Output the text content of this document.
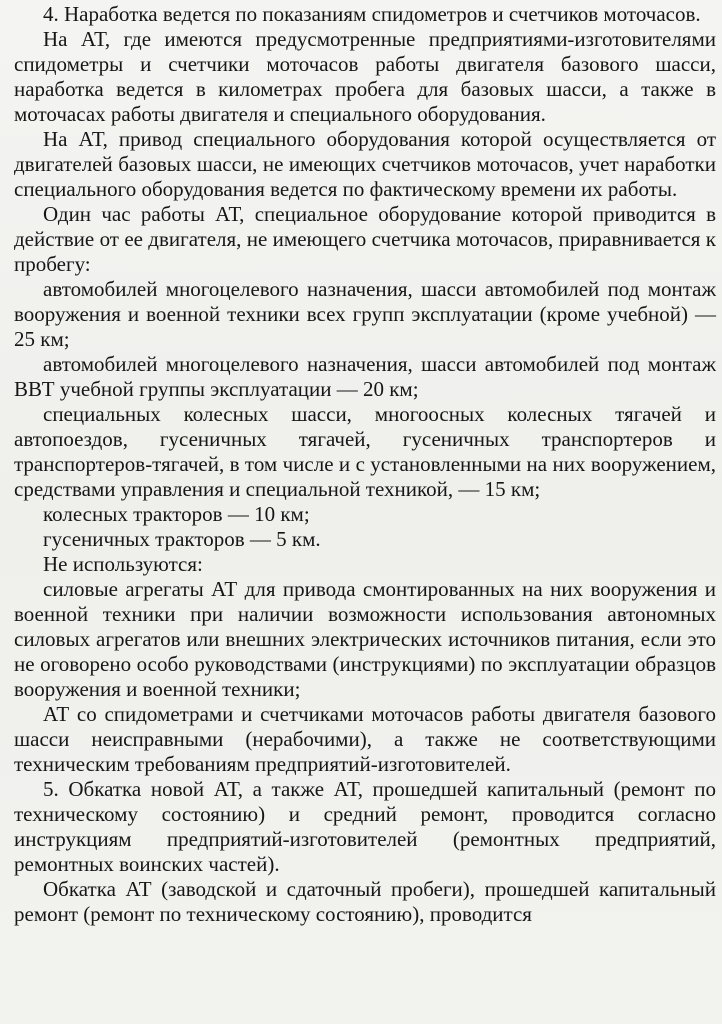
4. Наработка ведется по показаниям спидометров и счетчиков моточасов.

На АТ, где имеются предусмотренные предприятиями-изготовителями спидометры и счетчики моточасов работы двигателя базового шасси, наработка ведется в километрах пробега для базовых шасси, а также в моточасах работы двигателя и специального оборудования.

На АТ, привод специального оборудования которой осуществляется от двигателей базовых шасси, не имеющих счетчиков моточасов, учет наработки специального оборудования ведется по фактическому времени их работы.

Один час работы АТ, специальное оборудование которой приводится в действие от ее двигателя, не имеющего счетчика моточасов, приравнивается к пробегу:

автомобилей многоцелевого назначения, шасси автомобилей под монтаж вооружения и военной техники всех групп эксплуатации (кроме учебной) — 25 км;

автомобилей многоцелевого назначения, шасси автомобилей под монтаж ВВТ учебной группы эксплуатации — 20 км;

специальных колесных шасси, многоосных колесных тягачей и автопоездов, гусеничных тягачей, гусеничных транспортеров и транспортеров-тягачей, в том числе и с установленными на них вооружением, средствами управления и специальной техникой, — 15 км;

колесных тракторов — 10 км;

гусеничных тракторов — 5 км.

Не используются:

силовые агрегаты АТ для привода смонтированных на них вооружения и военной техники при наличии возможности использования автономных силовых агрегатов или внешних электрических источников питания, если это не оговорено особо руководствами (инструкциями) по эксплуатации образцов вооружения и военной техники;

АТ со спидометрами и счетчиками моточасов работы двигателя базового шасси неисправными (нерабочими), а также не соответствующими техническим требованиям предприятий-изготовителей.

5. Обкатка новой АТ, а также АТ, прошедшей капитальный (ремонт по техническому состоянию) и средний ремонт, проводится согласно инструкциям предприятий-изготовителей (ремонтных предприятий, ремонтных воинских частей).

Обкатка АТ (заводской и сдаточный пробеги), прошедшей капитальный ремонт (ремонт по техническому состоянию), проводится
